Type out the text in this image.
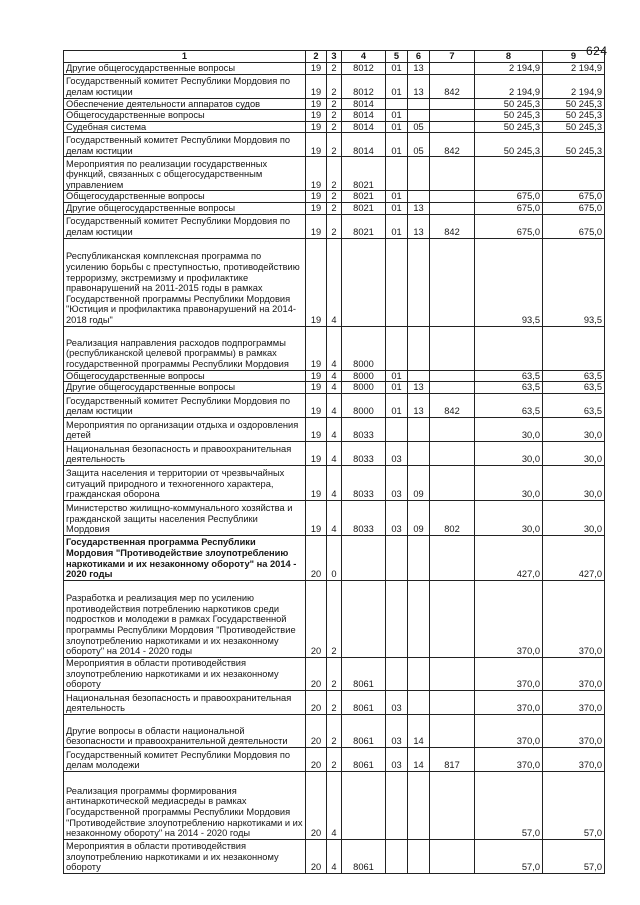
624
1	2	3	4	5	6	7	8	9
Другие общегосударственные вопросы	19	2	8012	01	13		2 194,9	2 194,9
Государственный комитет Республики Мордовия по делам юстиции	19	2	8012	01	13	842	2 194,9	2 194,9
Обеспечение деятельности аппаратов судов	19	2	8014				50 245,3	50 245,3
Общегосударственные вопросы	19	2	8014	01			50 245,3	50 245,3
Судебная система	19	2	8014	01	05		50 245,3	50 245,3
Государственный комитет Республики Мордовия по делам юстиции	19	2	8014	01	05	842	50 245,3	50 245,3
Мероприятия по реализации государственных функций, связанных с общегосударственным управлением	19	2	8021					
Общегосударственные вопросы	19	2	8021	01			675,0	675,0
Другие общегосударственные вопросы	19	2	8021	01	13		675,0	675,0
Государственный комитет Республики Мордовия по делам юстиции	19	2	8021	01	13	842	675,0	675,0
Республиканская комплексная программа по усилению борьбы с преступностью, противодействию терроризму, экстремизму и профилактике правонарушений на 2011-2015 годы в рамках Государственной программы Республики Мордовия "Юстиция и профилактика правонарушений на 2014-2018 годы"	19	4					93,5	93,5
Реализация направления расходов подпрограммы (республиканской целевой программы) в рамках государственной программы Республики Мордовия	19	4	8000					
Общегосударственные вопросы	19	4	8000	01			63,5	63,5
Другие общегосударственные вопросы	19	4	8000	01	13		63,5	63,5
Государственный комитет Республики Мордовия по делам юстиции	19	4	8000	01	13	842	63,5	63,5
Мероприятия по организации отдыха и оздоровления детей	19	4	8033				30,0	30,0
Национальная безопасность и правоохранительная деятельность	19	4	8033	03			30,0	30,0
Защита населения и территории от чрезвычайных ситуаций природного и техногенного характера, гражданская оборона	19	4	8033	03	09		30,0	30,0
Министерство жилищно-коммунального хозяйства и гражданской защиты населения Республики Мордовия	19	4	8033	03	09	802	30,0	30,0
Государственная программа Республики Мордовия "Противодействие злоупотреблению наркотиками и их незаконному обороту" на 2014 - 2020 годы	20	0					427,0	427,0
Разработка и реализация мер по усилению противодействия потреблению наркотиков среди подростков и молодежи в рамках Государственной программы Республики Мордовия "Противодействие злоупотреблению наркотиками и их незаконному обороту" на 2014 - 2020 годы	20	2					370,0	370,0
Мероприятия в области противодействия злоупотреблению наркотиками и их незаконному обороту	20	2	8061				370,0	370,0
Национальная безопасность и правоохранительная деятельность	20	2	8061	03			370,0	370,0
Другие вопросы в области национальной безопасности и правоохранительной деятельности	20	2	8061	03	14		370,0	370,0
Государственный комитет Республики Мордовия по делам молодежи	20	2	8061	03	14	817	370,0	370,0
Реализация программы формирования антинаркотической медиасреды в рамках Государственной программы Республики Мордовия "Противодействие злоупотреблению наркотиками и их незаконному обороту" на 2014 - 2020 годы	20	4					57,0	57,0
Мероприятия в области противодействия злоупотреблению наркотиками и их незаконному обороту	20	4	8061				57,0	57,0
